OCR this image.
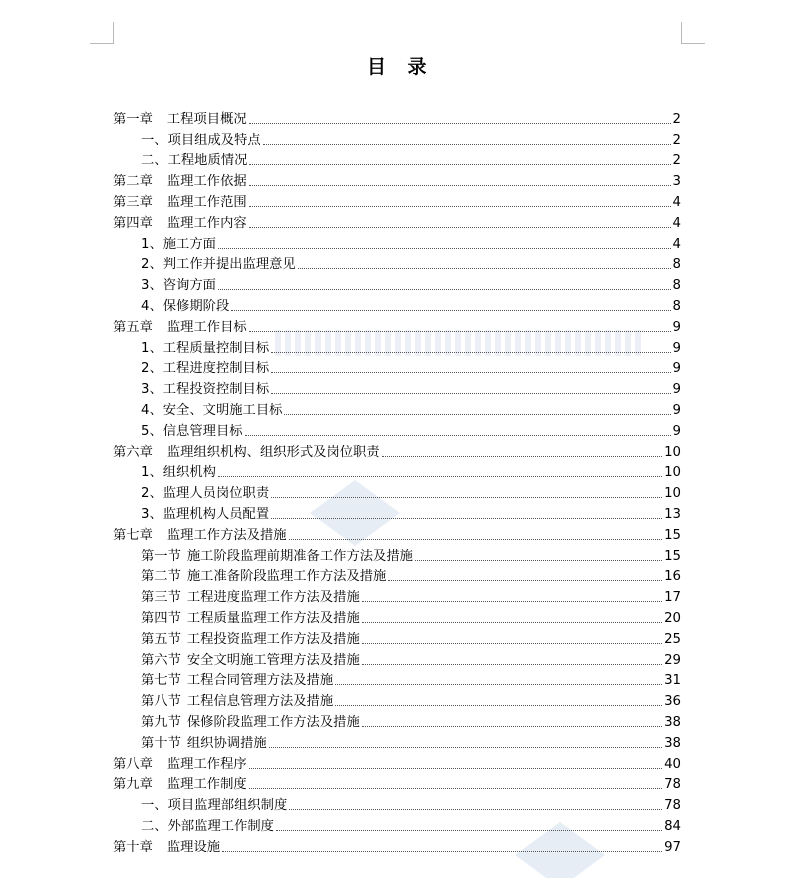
目 录
第一章 工程项目概况	2
一、项目组成及特点	2
二、工程地质情况	2
第二章 监理工作依据	3
第三章 监理工作范围	4
第四章 监理工作内容	4
1、施工方面	4
2、判工作并提出监理意见	8
3、咨询方面	8
4、保修期阶段	8
第五章 监理工作目标	9
1、工程质量控制目标	9
2、工程进度控制目标	9
3、工程投资控制目标	9
4、安全、文明施工目标	9
5、信息管理目标	9
第六章 监理组织机构、组织形式及岗位职责	10
1、组织机构	10
2、监理人员岗位职责	10
3、监理机构人员配置	13
第七章 监理工作方法及措施	15
第一节 施工阶段监理前期准备工作方法及措施	15
第二节 施工准备阶段监理工作方法及措施	16
第三节 工程进度监理工作方法及措施	17
第四节 工程质量监理工作方法及措施	20
第五节 工程投资监理工作方法及措施	25
第六节 安全文明施工管理方法及措施	29
第七节 工程合同管理方法及措施	31
第八节 工程信息管理方法及措施	36
第九节 保修阶段监理工作方法及措施	38
第十节 组织协调措施	38
第八章 监理工作程序	40
第九章 监理工作制度	78
一、项目监理部组织制度	78
二、外部监理工作制度	84
第十章 监理设施	97
